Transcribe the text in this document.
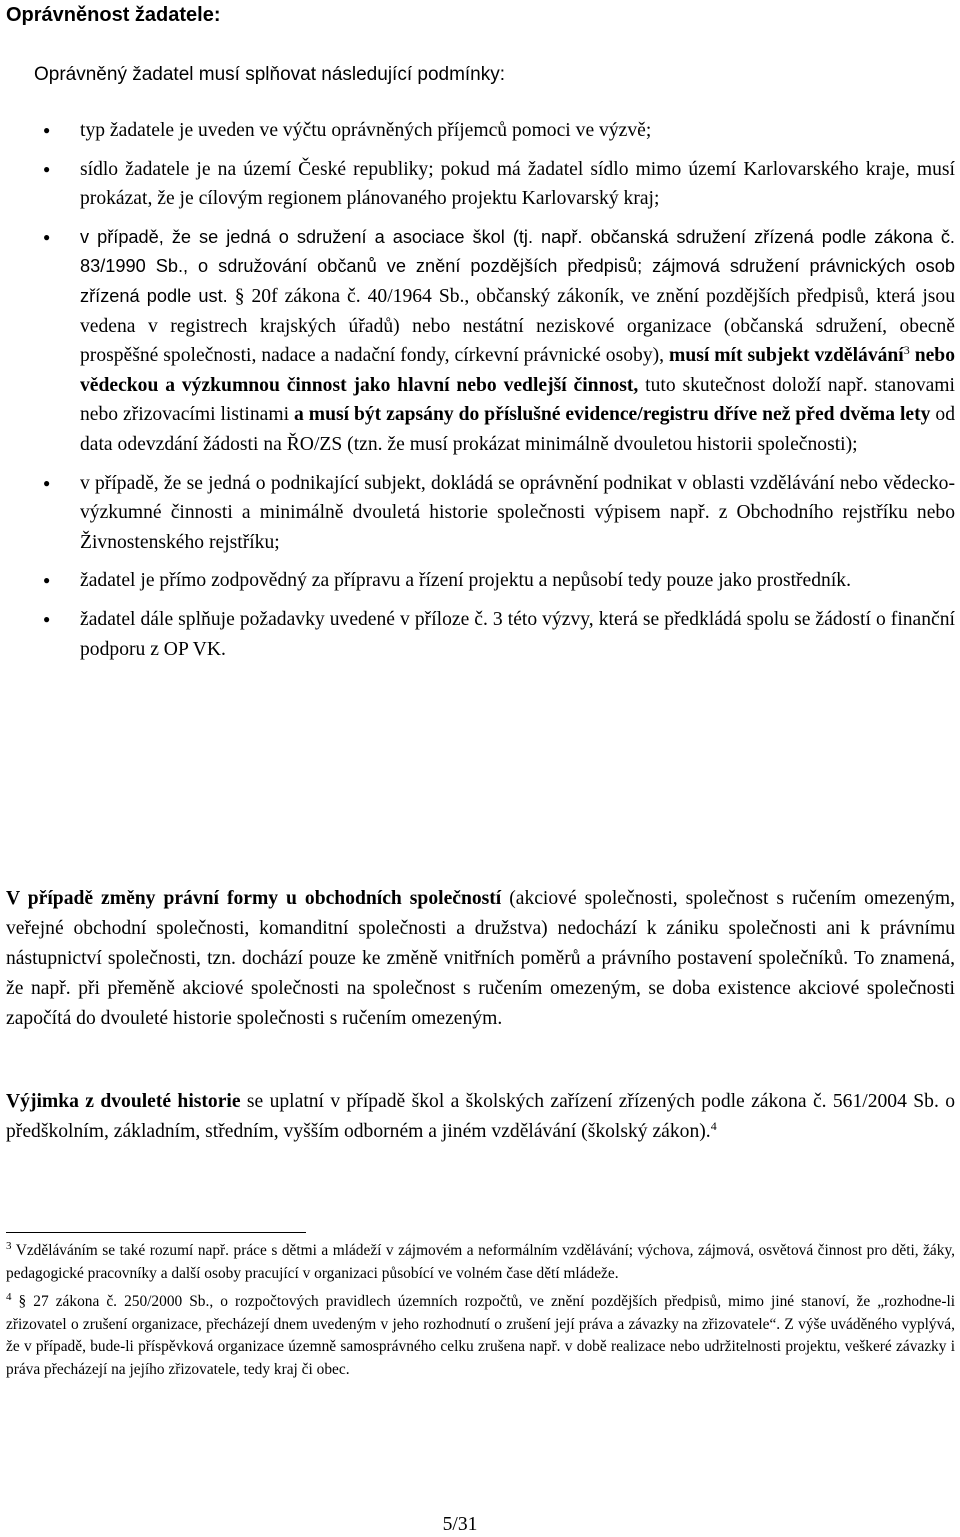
Oprávněnost žadatele:

Oprávněný žadatel musí splňovat následující podmínky:

● typ žadatele je uveden ve výčtu oprávněných příjemců pomoci ve výzvě;
● sídlo žadatele je na území České republiky; pokud má žadatel sídlo mimo území Karlovarského kraje, musí prokázat, že je cílovým regionem plánovaného projektu Karlovarský kraj;
● v případě, že se jedná o sdružení a asociace škol (tj. např. občanská sdružení zřízená podle zákona č. 83/1990 Sb., o sdružování občanů ve znění pozdějších předpisů; zájmová sdružení právnických osob zřízená podle ust. § 20f zákona č. 40/1964 Sb., občanský zákoník, ve znění pozdějších předpisů, která jsou vedena v registrech krajských úřadů) nebo nestátní neziskové organizace (občanská sdružení, obecně prospěšné společnosti, nadace a nadační fondy, církevní právnické osoby), musí mít subjekt vzdělávání$^3$ nebo vědeckou a výzkumnou činnost jako hlavní nebo vedlejší činnost, tuto skutečnost doloží např. stanovami nebo zřizovacími listinami a musí být zapsány do příslušné evidence/registru dříve než před dvěma lety od data odevzdání žádosti na ŘO/ZS (tzn. že musí prokázat minimálně dvouletou historii společnosti);
● v případě, že se jedná o podnikající subjekt, dokládá se oprávnění podnikat v oblasti vzdělávání nebo vědecko-výzkumné činnosti a minimálně dvouletá historie společnosti výpisem např. z Obchodního rejstříku nebo Živnostenského rejstříku;
● žadatel je přímo zodpovědný za přípravu a řízení projektu a nepůsobí tedy pouze jako prostředník.
● žadatel dále splňuje požadavky uvedené v příloze č. 3 této výzvy, která se předkládá spolu se žádostí o finanční podporu z OP VK.

V případě změny právní formy u obchodních společností (akciové společnosti, společnost s ručením omezeným, veřejné obchodní společnosti, komanditní společnosti a družstva) nedochází k zániku společnosti ani k právnímu nástupnictví společnosti, tzn. dochází pouze ke změně vnitřních poměrů a právního postavení společníků. To znamená, že např. při přeměně akciové společnosti na společnost s ručením omezeným, se doba existence akciové společnosti započítá do dvouleté historie společnosti s ručením omezeným.

Výjimka z dvouleté historie se uplatní v případě škol a školských zařízení zřízených podle zákona č. 561/2004 Sb. o předškolním, základním, středním, vyšším odborném a jiném vzdělávání (školský zákon).$^4$

$^3$ Vzděláváním se také rozumí např. práce s dětmi a mládeží v zájmovém a neformálním vzdělávání; výchova, zájmová, osvětová činnost pro děti, žáky, pedagogické pracovníky a další osoby pracující v organizaci působící ve volném čase dětí mládeže.

$^4$ § 27 zákona č. 250/2000 Sb., o rozpočtových pravidlech územních rozpočtů, ve znění pozdějších předpisů, mimo jiné stanoví, že „rozhodne-li zřizovatel o zrušení organizace, přecházejí dnem uvedeným v jeho rozhodnutí o zrušení její práva a závazky na zřizovatele“. Z výše uváděného vyplývá, že v případě, bude-li příspěvková organizace územně samosprávného celku zrušena např. v době realizace nebo udržitelnosti projektu, veškeré závazky i práva přecházejí na jejího zřizovatele, tedy kraj či obec.

5/31
